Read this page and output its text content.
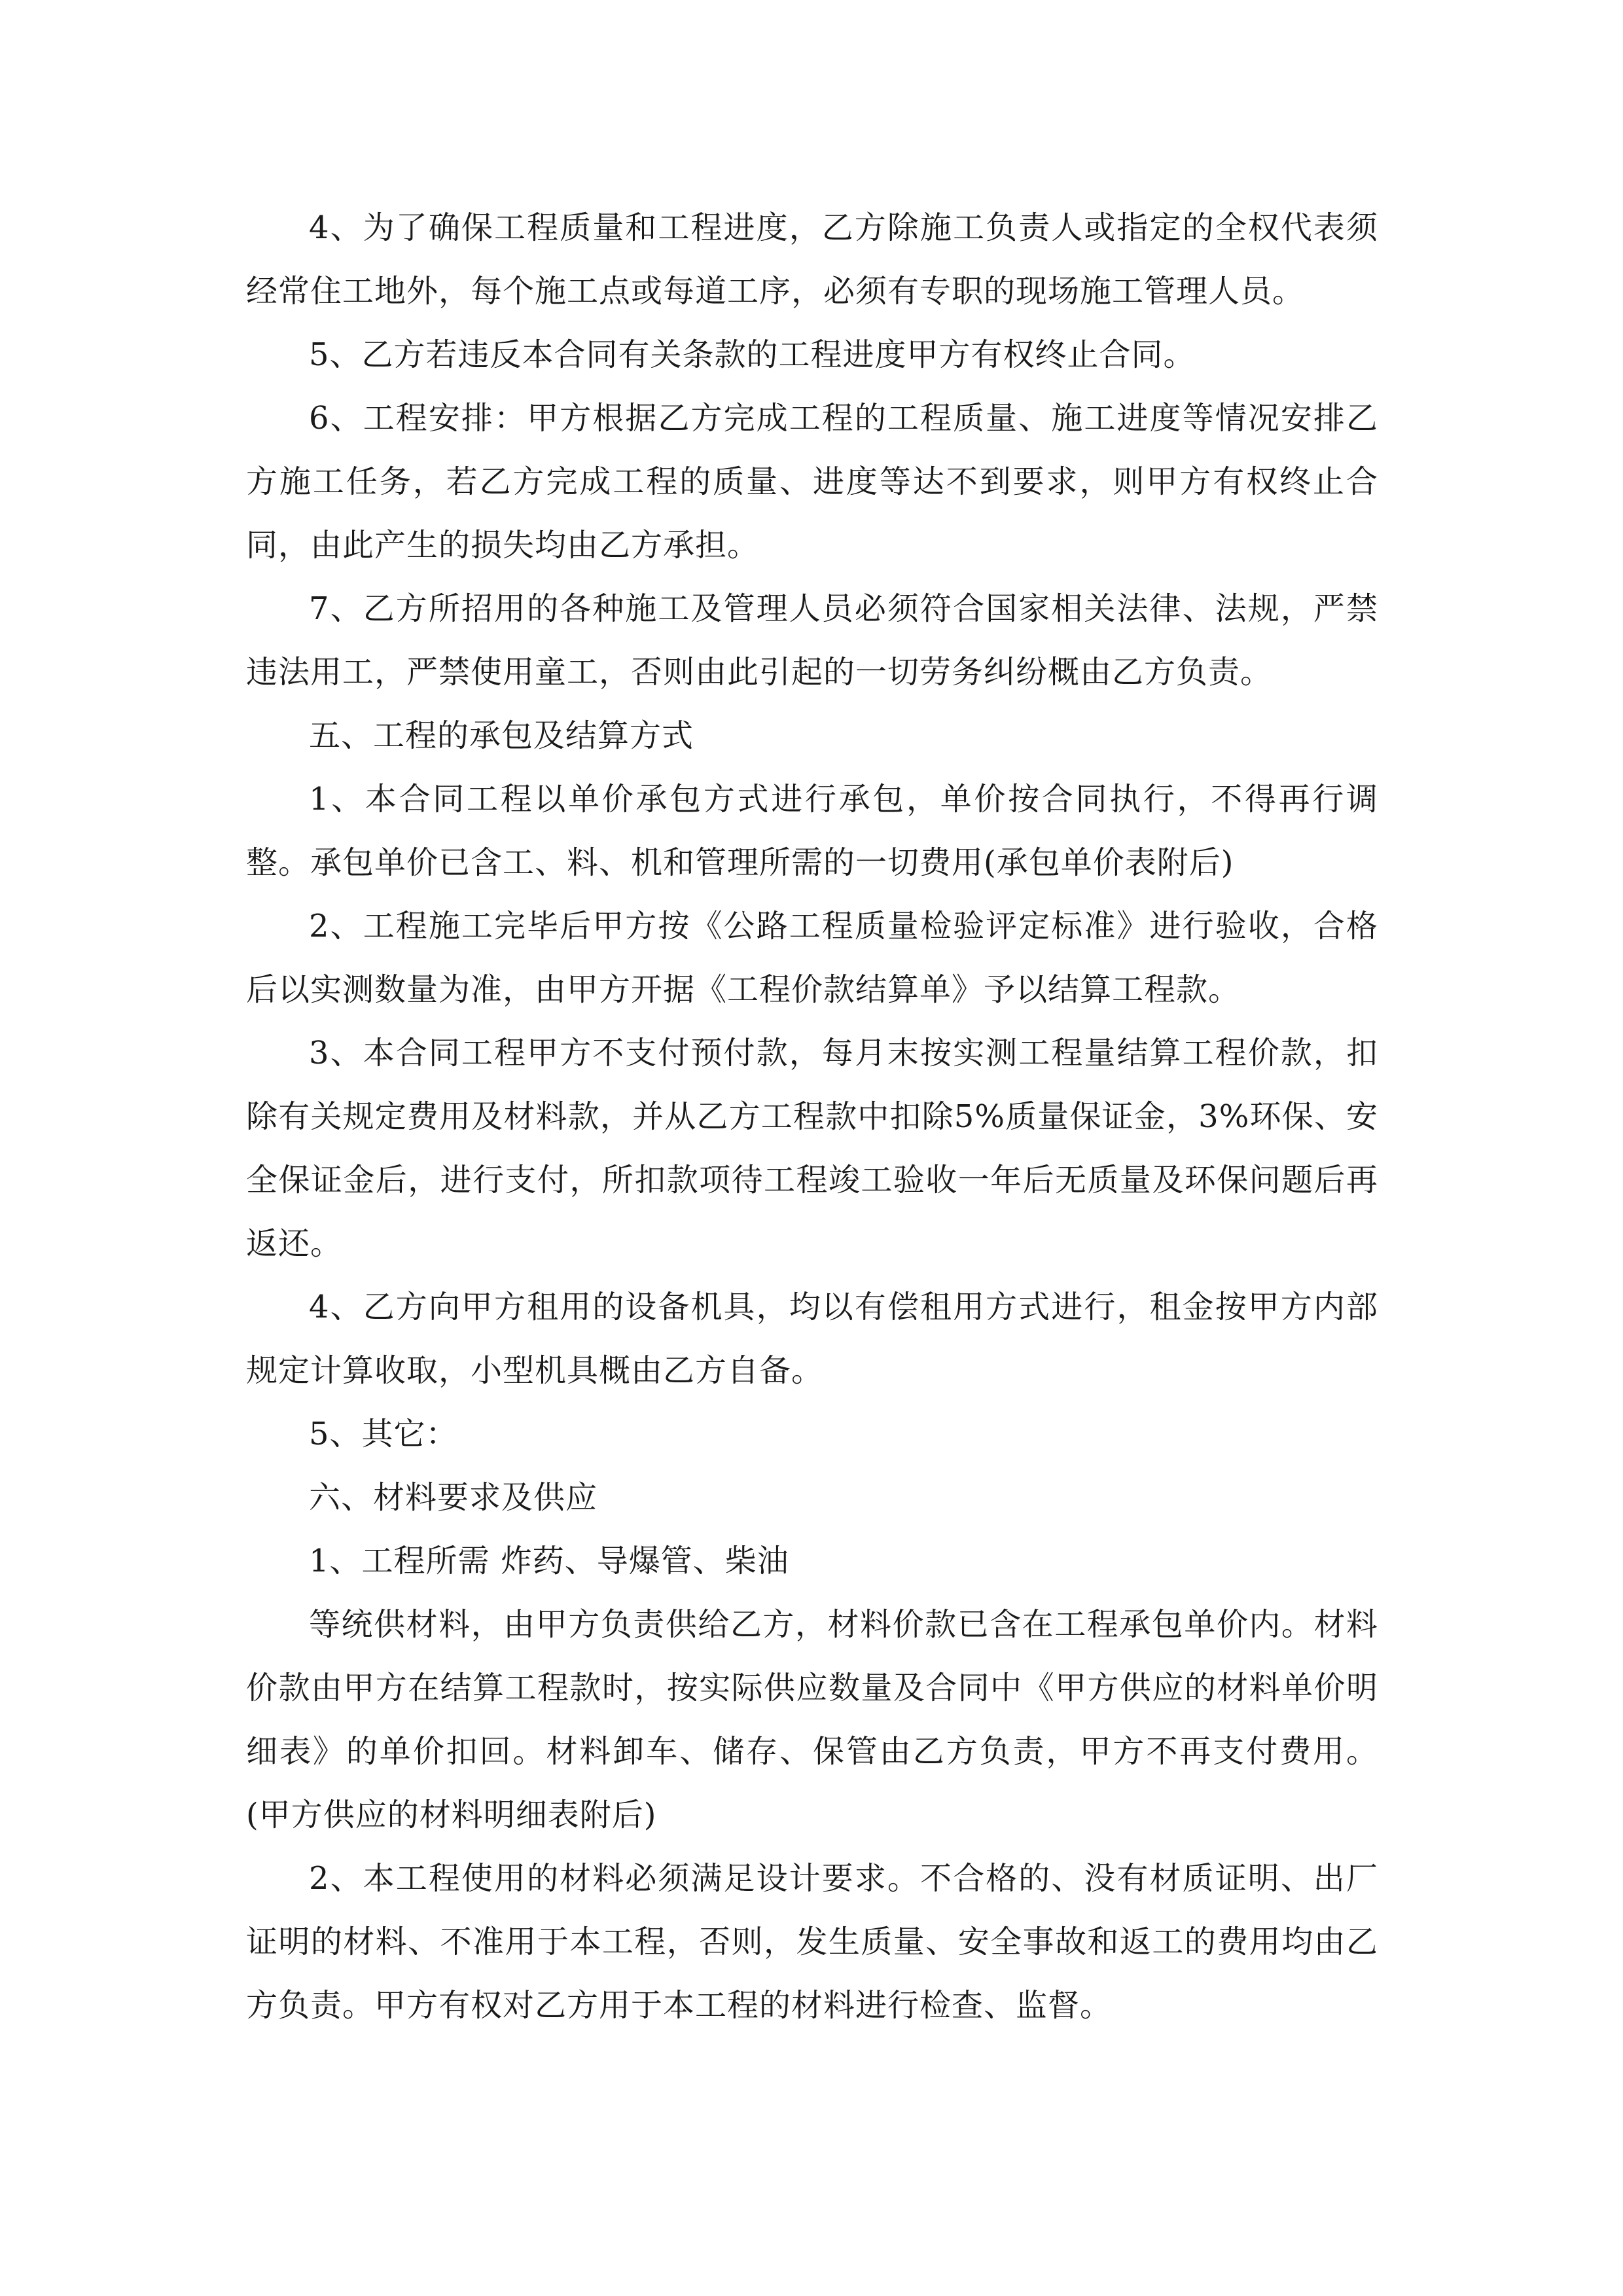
4、为了确保工程质量和工程进度，乙方除施工负责人或指定的全权代表须经常住工地外，每个施工点或每道工序，必须有专职的现场施工管理人员。

5、乙方若违反本合同有关条款的工程进度甲方有权终止合同。

6、工程安排：甲方根据乙方完成工程的工程质量、施工进度等情况安排乙方施工任务，若乙方完成工程的质量、进度等达不到要求，则甲方有权终止合同，由此产生的损失均由乙方承担。

7、乙方所招用的各种施工及管理人员必须符合国家相关法律、法规，严禁违法用工，严禁使用童工，否则由此引起的一切劳务纠纷概由乙方负责。

五、工程的承包及结算方式

1、本合同工程以单价承包方式进行承包，单价按合同执行，不得再行调整。承包单价已含工、料、机和管理所需的一切费用(承包单价表附后)

2、工程施工完毕后甲方按《公路工程质量检验评定标准》进行验收，合格后以实测数量为准，由甲方开据《工程价款结算单》予以结算工程款。

3、本合同工程甲方不支付预付款，每月末按实测工程量结算工程价款，扣除有关规定费用及材料款，并从乙方工程款中扣除5%质量保证金，3%环保、安全保证金后，进行支付，所扣款项待工程竣工验收一年后无质量及环保问题后再返还。

4、乙方向甲方租用的设备机具，均以有偿租用方式进行，租金按甲方内部规定计算收取，小型机具概由乙方自备。

5、其它：

六、材料要求及供应

1、工程所需 炸药、导爆管、柴油

等统供材料，由甲方负责供给乙方，材料价款已含在工程承包单价内。材料价款由甲方在结算工程款时，按实际供应数量及合同中《甲方供应的材料单价明细表》的单价扣回。材料卸车、储存、保管由乙方负责，甲方不再支付费用。(甲方供应的材料明细表附后)

2、本工程使用的材料必须满足设计要求。不合格的、没有材质证明、出厂证明的材料、不准用于本工程，否则，发生质量、安全事故和返工的费用均由乙方负责。甲方有权对乙方用于本工程的材料进行检查、监督。
